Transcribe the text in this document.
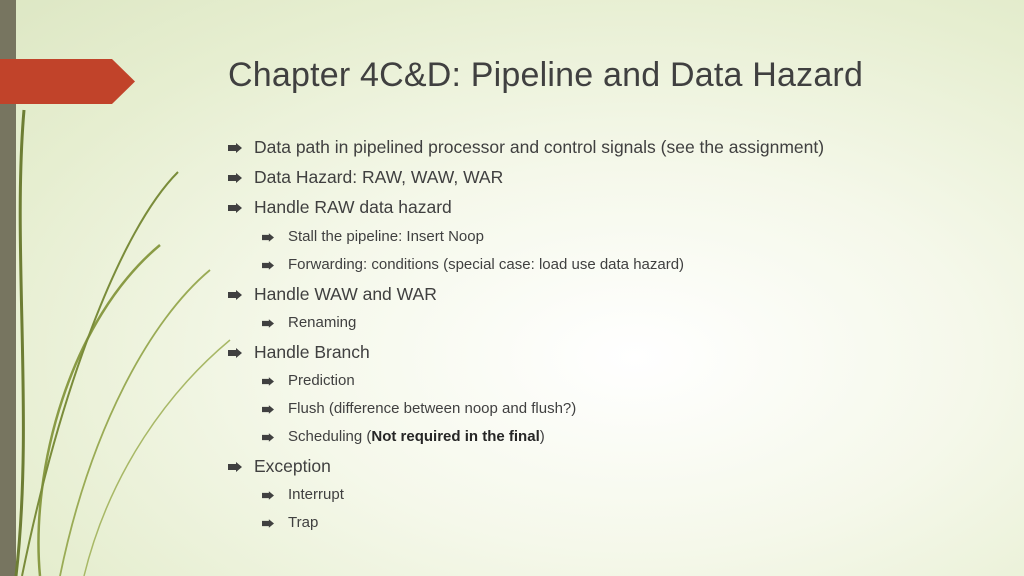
Chapter 4C&D: Pipeline and Data Hazard
Data path in pipelined processor and control signals (see the assignment)
Data Hazard: RAW, WAW, WAR
Handle RAW data hazard
Stall the pipeline: Insert Noop
Forwarding: conditions (special case: load use data hazard)
Handle WAW and WAR
Renaming
Handle Branch
Prediction
Flush (difference between noop and flush?)
Scheduling (Not required in the final)
Exception
Interrupt
Trap
